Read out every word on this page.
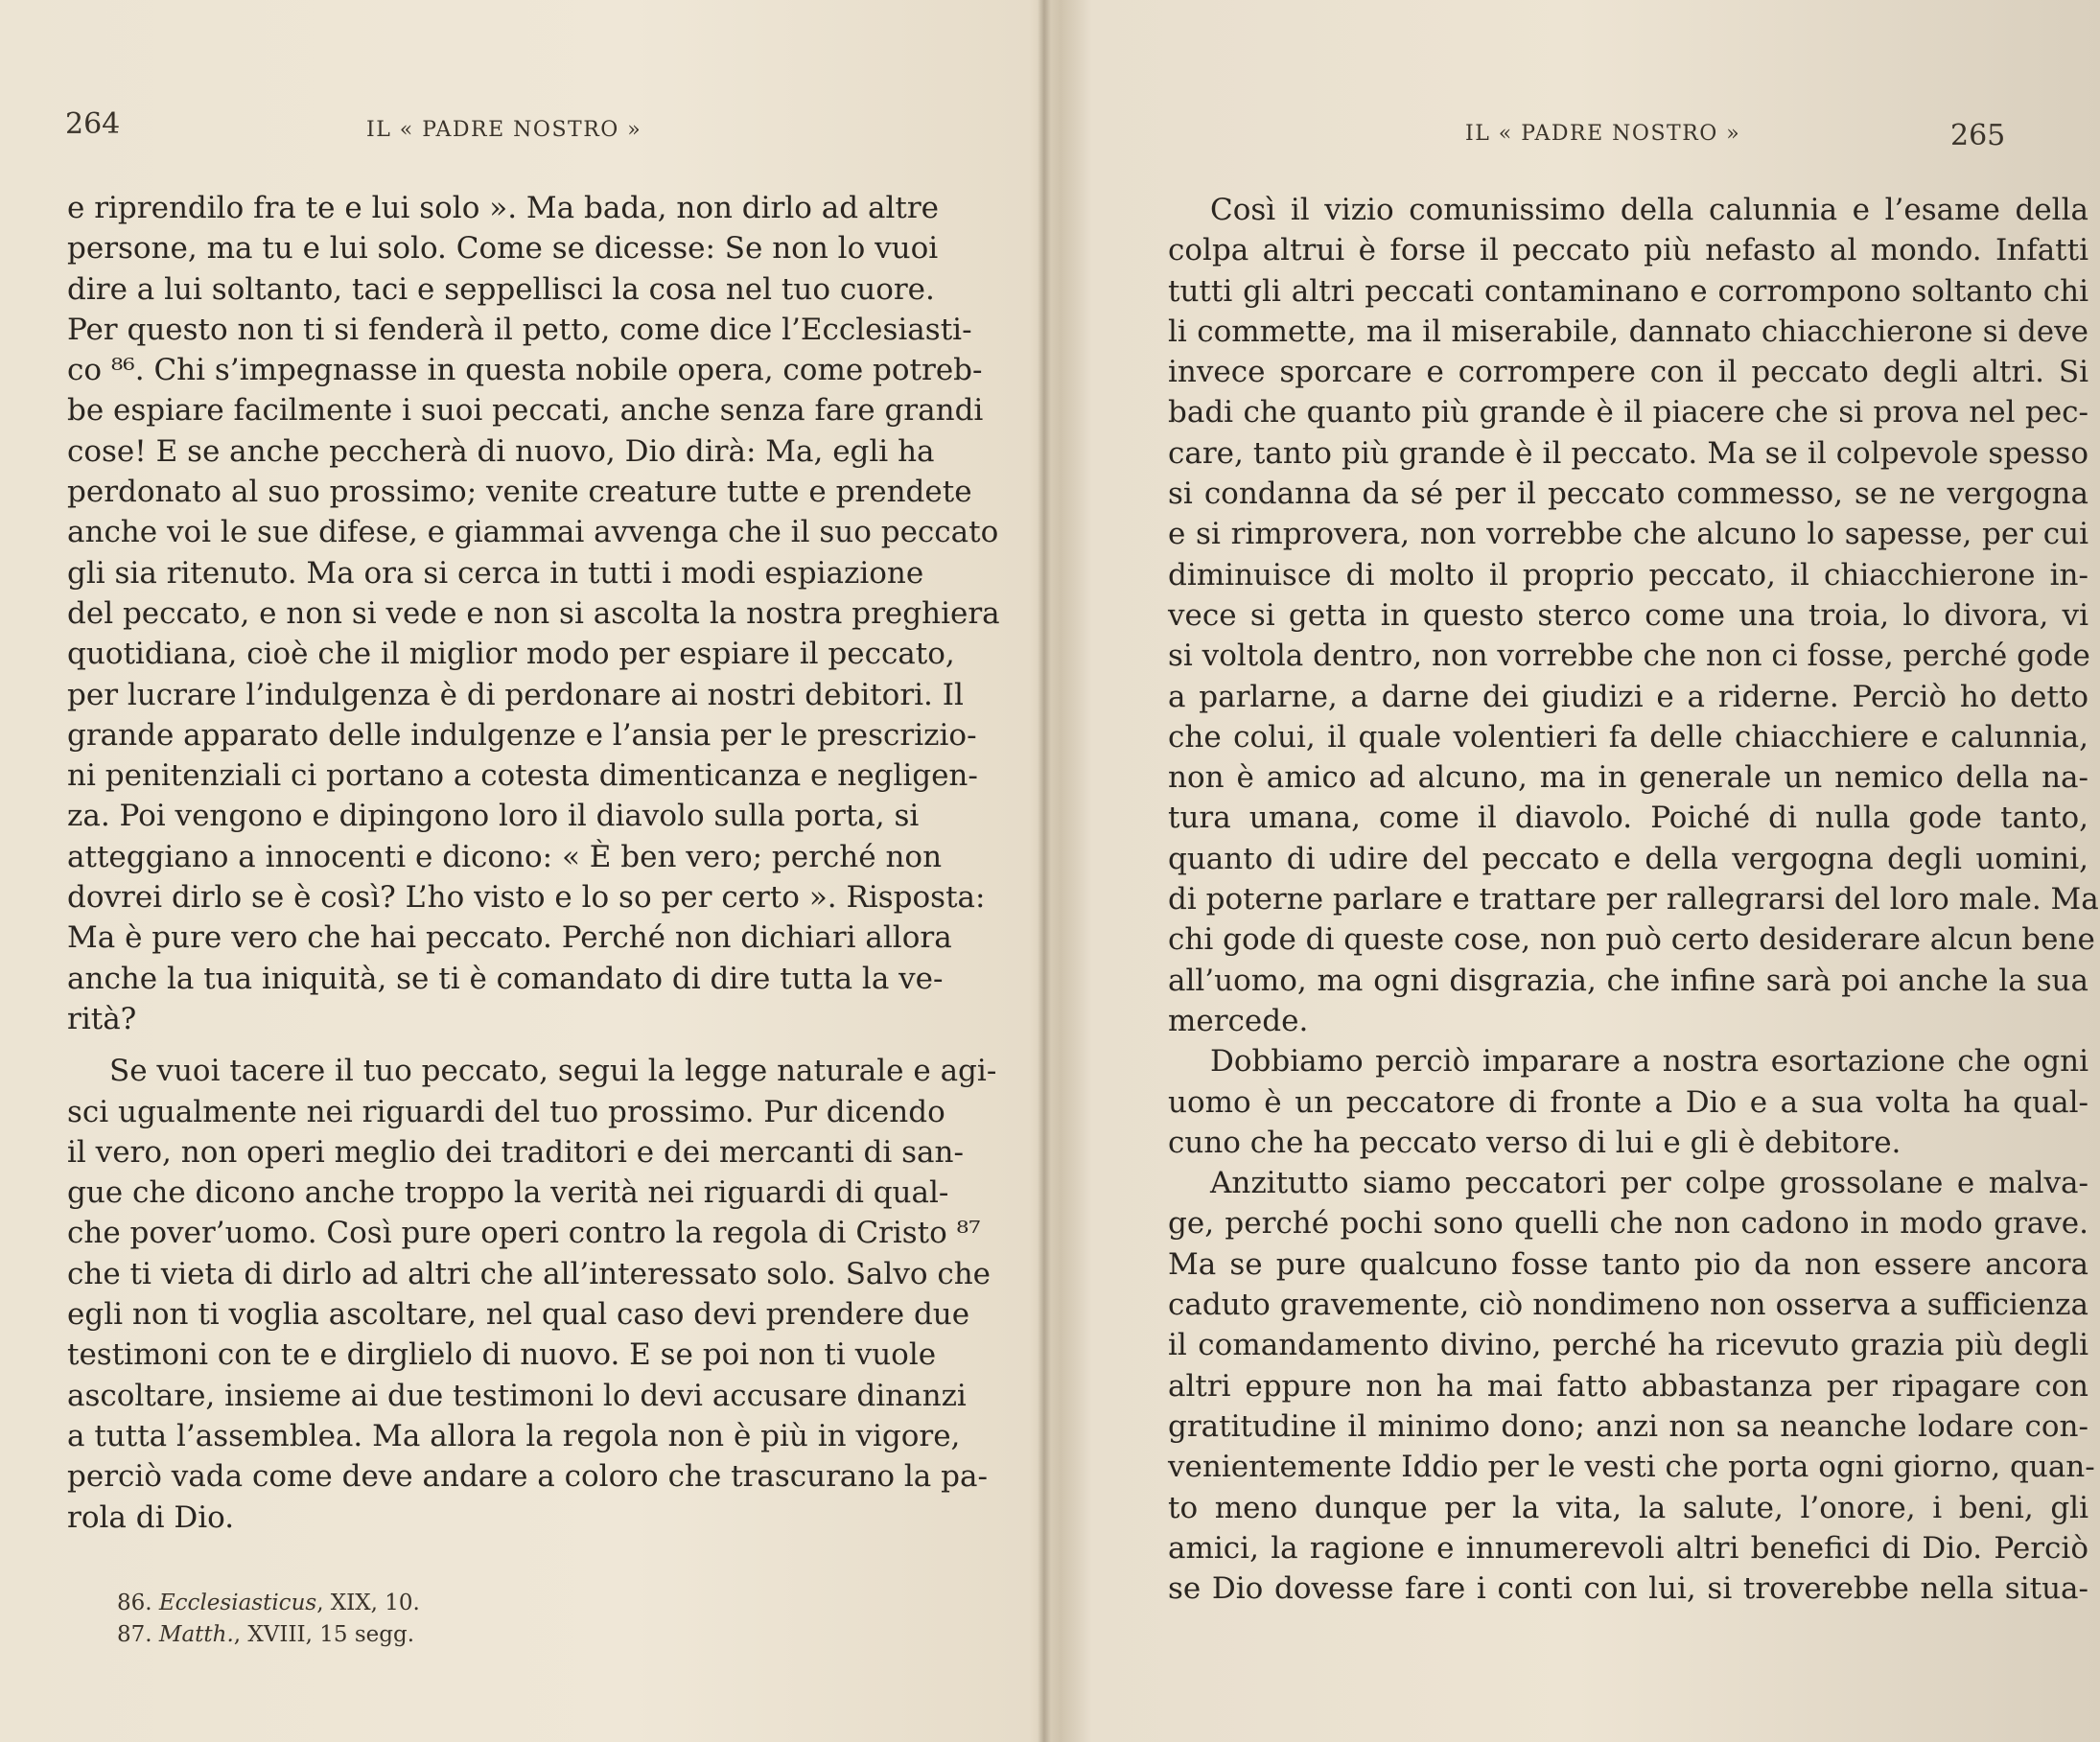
264	IL « PADRE NOSTRO »
e riprendilo fra te e lui solo ». Ma bada, non dirlo ad altre
persone, ma tu e lui solo. Come se dicesse: Se non lo vuoi
dire a lui soltanto, taci e seppellisci la cosa nel tuo cuore.
Per questo non ti si fenderà il petto, come dice l’Ecclesiasti-
co ⁸⁶. Chi s’impegnasse in questa nobile opera, come potreb-
be espiare facilmente i suoi peccati, anche senza fare grandi
cose! E se anche peccherà di nuovo, Dio dirà: Ma, egli ha
perdonato al suo prossimo; venite creature tutte e prendete
anche voi le sue difese, e giammai avvenga che il suo peccato
gli sia ritenuto. Ma ora si cerca in tutti i modi espiazione
del peccato, e non si vede e non si ascolta la nostra preghiera
quotidiana, cioè che il miglior modo per espiare il peccato,
per lucrare l’indulgenza è di perdonare ai nostri debitori. Il
grande apparato delle indulgenze e l’ansia per le prescrizio-
ni penitenziali ci portano a cotesta dimenticanza e negligen-
za. Poi vengono e dipingono loro il diavolo sulla porta, si
atteggiano a innocenti e dicono: « È ben vero; perché non
dovrei dirlo se è così? L’ho visto e lo so per certo ». Risposta:
Ma è pure vero che hai peccato. Perché non dichiari allora
anche la tua iniquità, se ti è comandato di dire tutta la ve-
rità?
Se vuoi tacere il tuo peccato, segui la legge naturale e agi-
sci ugualmente nei riguardi del tuo prossimo. Pur dicendo
il vero, non operi meglio dei traditori e dei mercanti di san-
gue che dicono anche troppo la verità nei riguardi di qual-
che pover’uomo. Così pure operi contro la regola di Cristo ⁸⁷
che ti vieta di dirlo ad altri che all’interessato solo. Salvo che
egli non ti voglia ascoltare, nel qual caso devi prendere due
testimoni con te e dirglielo di nuovo. E se poi non ti vuole
ascoltare, insieme ai due testimoni lo devi accusare dinanzi
a tutta l’assemblea. Ma allora la regola non è più in vigore,
perciò vada come deve andare a coloro che trascurano la pa-
rola di Dio.
86. Ecclesiasticus, XIX, 10.
87. Matth., XVIII, 15 segg.
IL « PADRE NOSTRO »	265
Così il vizio comunissimo della calunnia e l’esame della
colpa altrui è forse il peccato più nefasto al mondo. Infatti
tutti gli altri peccati contaminano e corrompono soltanto chi
li commette, ma il miserabile, dannato chiacchierone si deve
invece sporcare e corrompere con il peccato degli altri. Si
badi che quanto più grande è il piacere che si prova nel pec-
care, tanto più grande è il peccato. Ma se il colpevole spesso
si condanna da sé per il peccato commesso, se ne vergogna
e si rimprovera, non vorrebbe che alcuno lo sapesse, per cui
diminuisce di molto il proprio peccato, il chiacchierone in-
vece si getta in questo sterco come una troia, lo divora, vi
si voltola dentro, non vorrebbe che non ci fosse, perché gode
a parlarne, a darne dei giudizi e a riderne. Perciò ho detto
che colui, il quale volentieri fa delle chiacchiere e calunnia,
non è amico ad alcuno, ma in generale un nemico della na-
tura umana, come il diavolo. Poiché di nulla gode tanto,
quanto di udire del peccato e della vergogna degli uomini,
di poterne parlare e trattare per rallegrarsi del loro male. Ma
chi gode di queste cose, non può certo desiderare alcun bene
all’uomo, ma ogni disgrazia, che infine sarà poi anche la sua
mercede.
Dobbiamo perciò imparare a nostra esortazione che ogni
uomo è un peccatore di fronte a Dio e a sua volta ha qual-
cuno che ha peccato verso di lui e gli è debitore.
Anzitutto siamo peccatori per colpe grossolane e malva-
ge, perché pochi sono quelli che non cadono in modo grave.
Ma se pure qualcuno fosse tanto pio da non essere ancora
caduto gravemente, ciò nondimeno non osserva a sufficienza
il comandamento divino, perché ha ricevuto grazia più degli
altri eppure non ha mai fatto abbastanza per ripagare con
gratitudine il minimo dono; anzi non sa neanche lodare con-
venientemente Iddio per le vesti che porta ogni giorno, quan-
to meno dunque per la vita, la salute, l’onore, i beni, gli
amici, la ragione e innumerevoli altri benefici di Dio. Perciò
se Dio dovesse fare i conti con lui, si troverebbe nella situa-
